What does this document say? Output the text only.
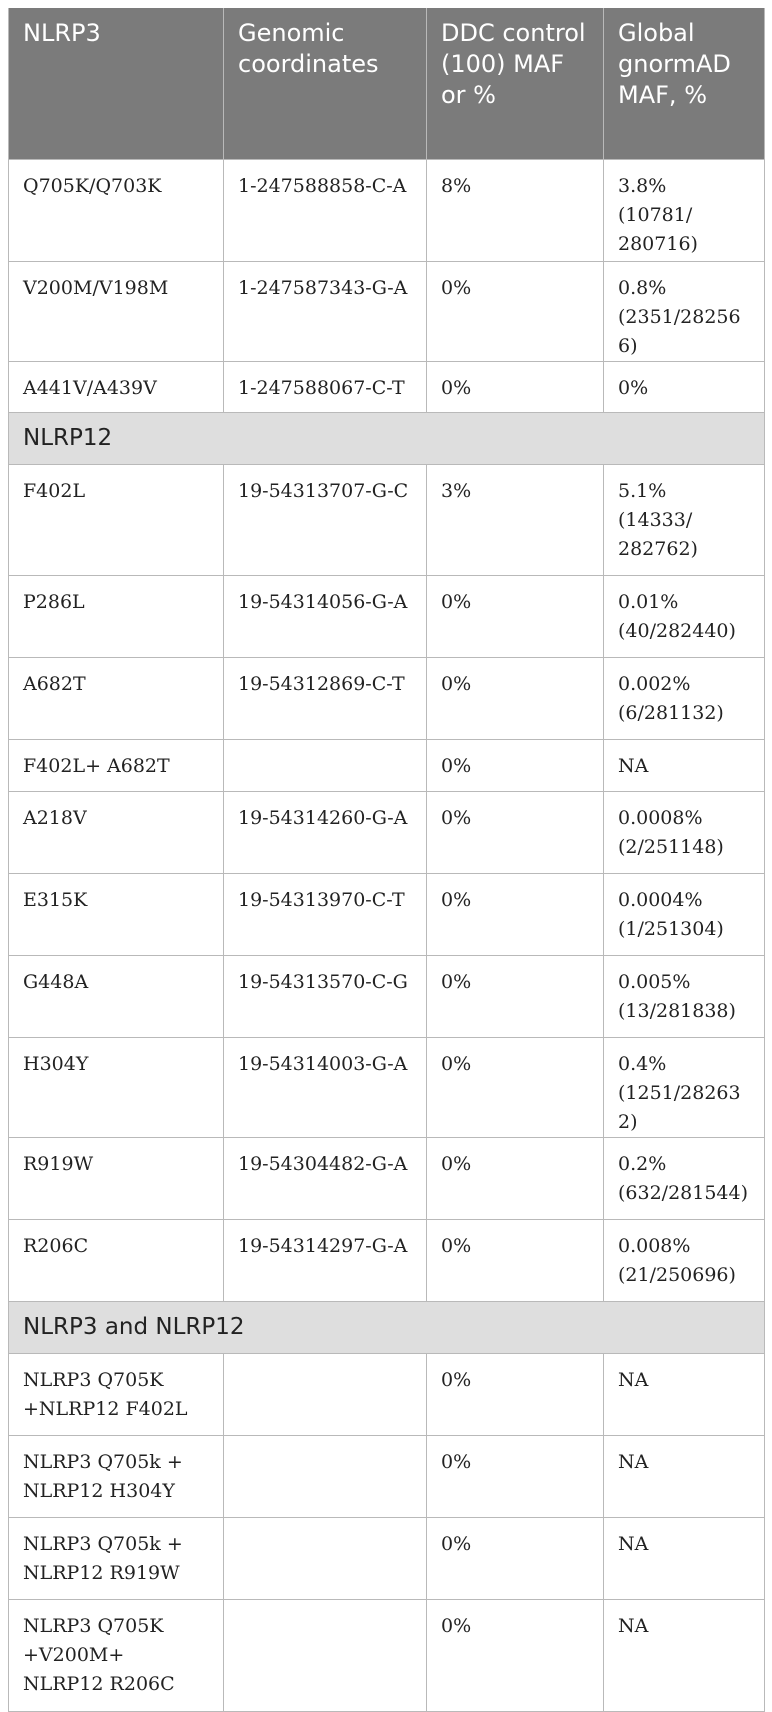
NLRP3	Genomic coordinates	DDC control (100) MAF or %	Global gnormAD MAF, %
Q705K/Q703K	1-247588858-C-A	8%	3.8%
(10781/
280716)
V200M/V198M	1-247587343-G-A	0%	0.8%
(2351/282566)
A441V/A439V	1-247588067-C-T	0%	0%
NLRP12			
F402L	19-54313707-G-C	3%	5.1%
(14333/
282762)
P286L	19-54314056-G-A	0%	0.01%
(40/282440)
A682T	19-54312869-C-T	0%	0.002%
(6/281132)
F402L+ A682T		0%	NA
A218V	19-54314260-G-A	0%	0.0008%
(2/251148)
E315K	19-54313970-C-T	0%	0.0004%
(1/251304)
G448A	19-54313570-C-G	0%	0.005%
(13/281838)
H304Y	19-54314003-G-A	0%	0.4%
(1251/282632)
R919W	19-54304482-G-A	0%	0.2%
(632/281544)
R206C	19-54314297-G-A	0%	0.008%
(21/250696)
NLRP3 and NLRP12			
NLRP3 Q705K
+NLRP12 F402L		0%	NA
NLRP3 Q705k +
NLRP12 H304Y		0%	NA
NLRP3 Q705k +
NLRP12 R919W		0%	NA
NLRP3 Q705K
+V200M+
NLRP12 R206C		0%	NA
